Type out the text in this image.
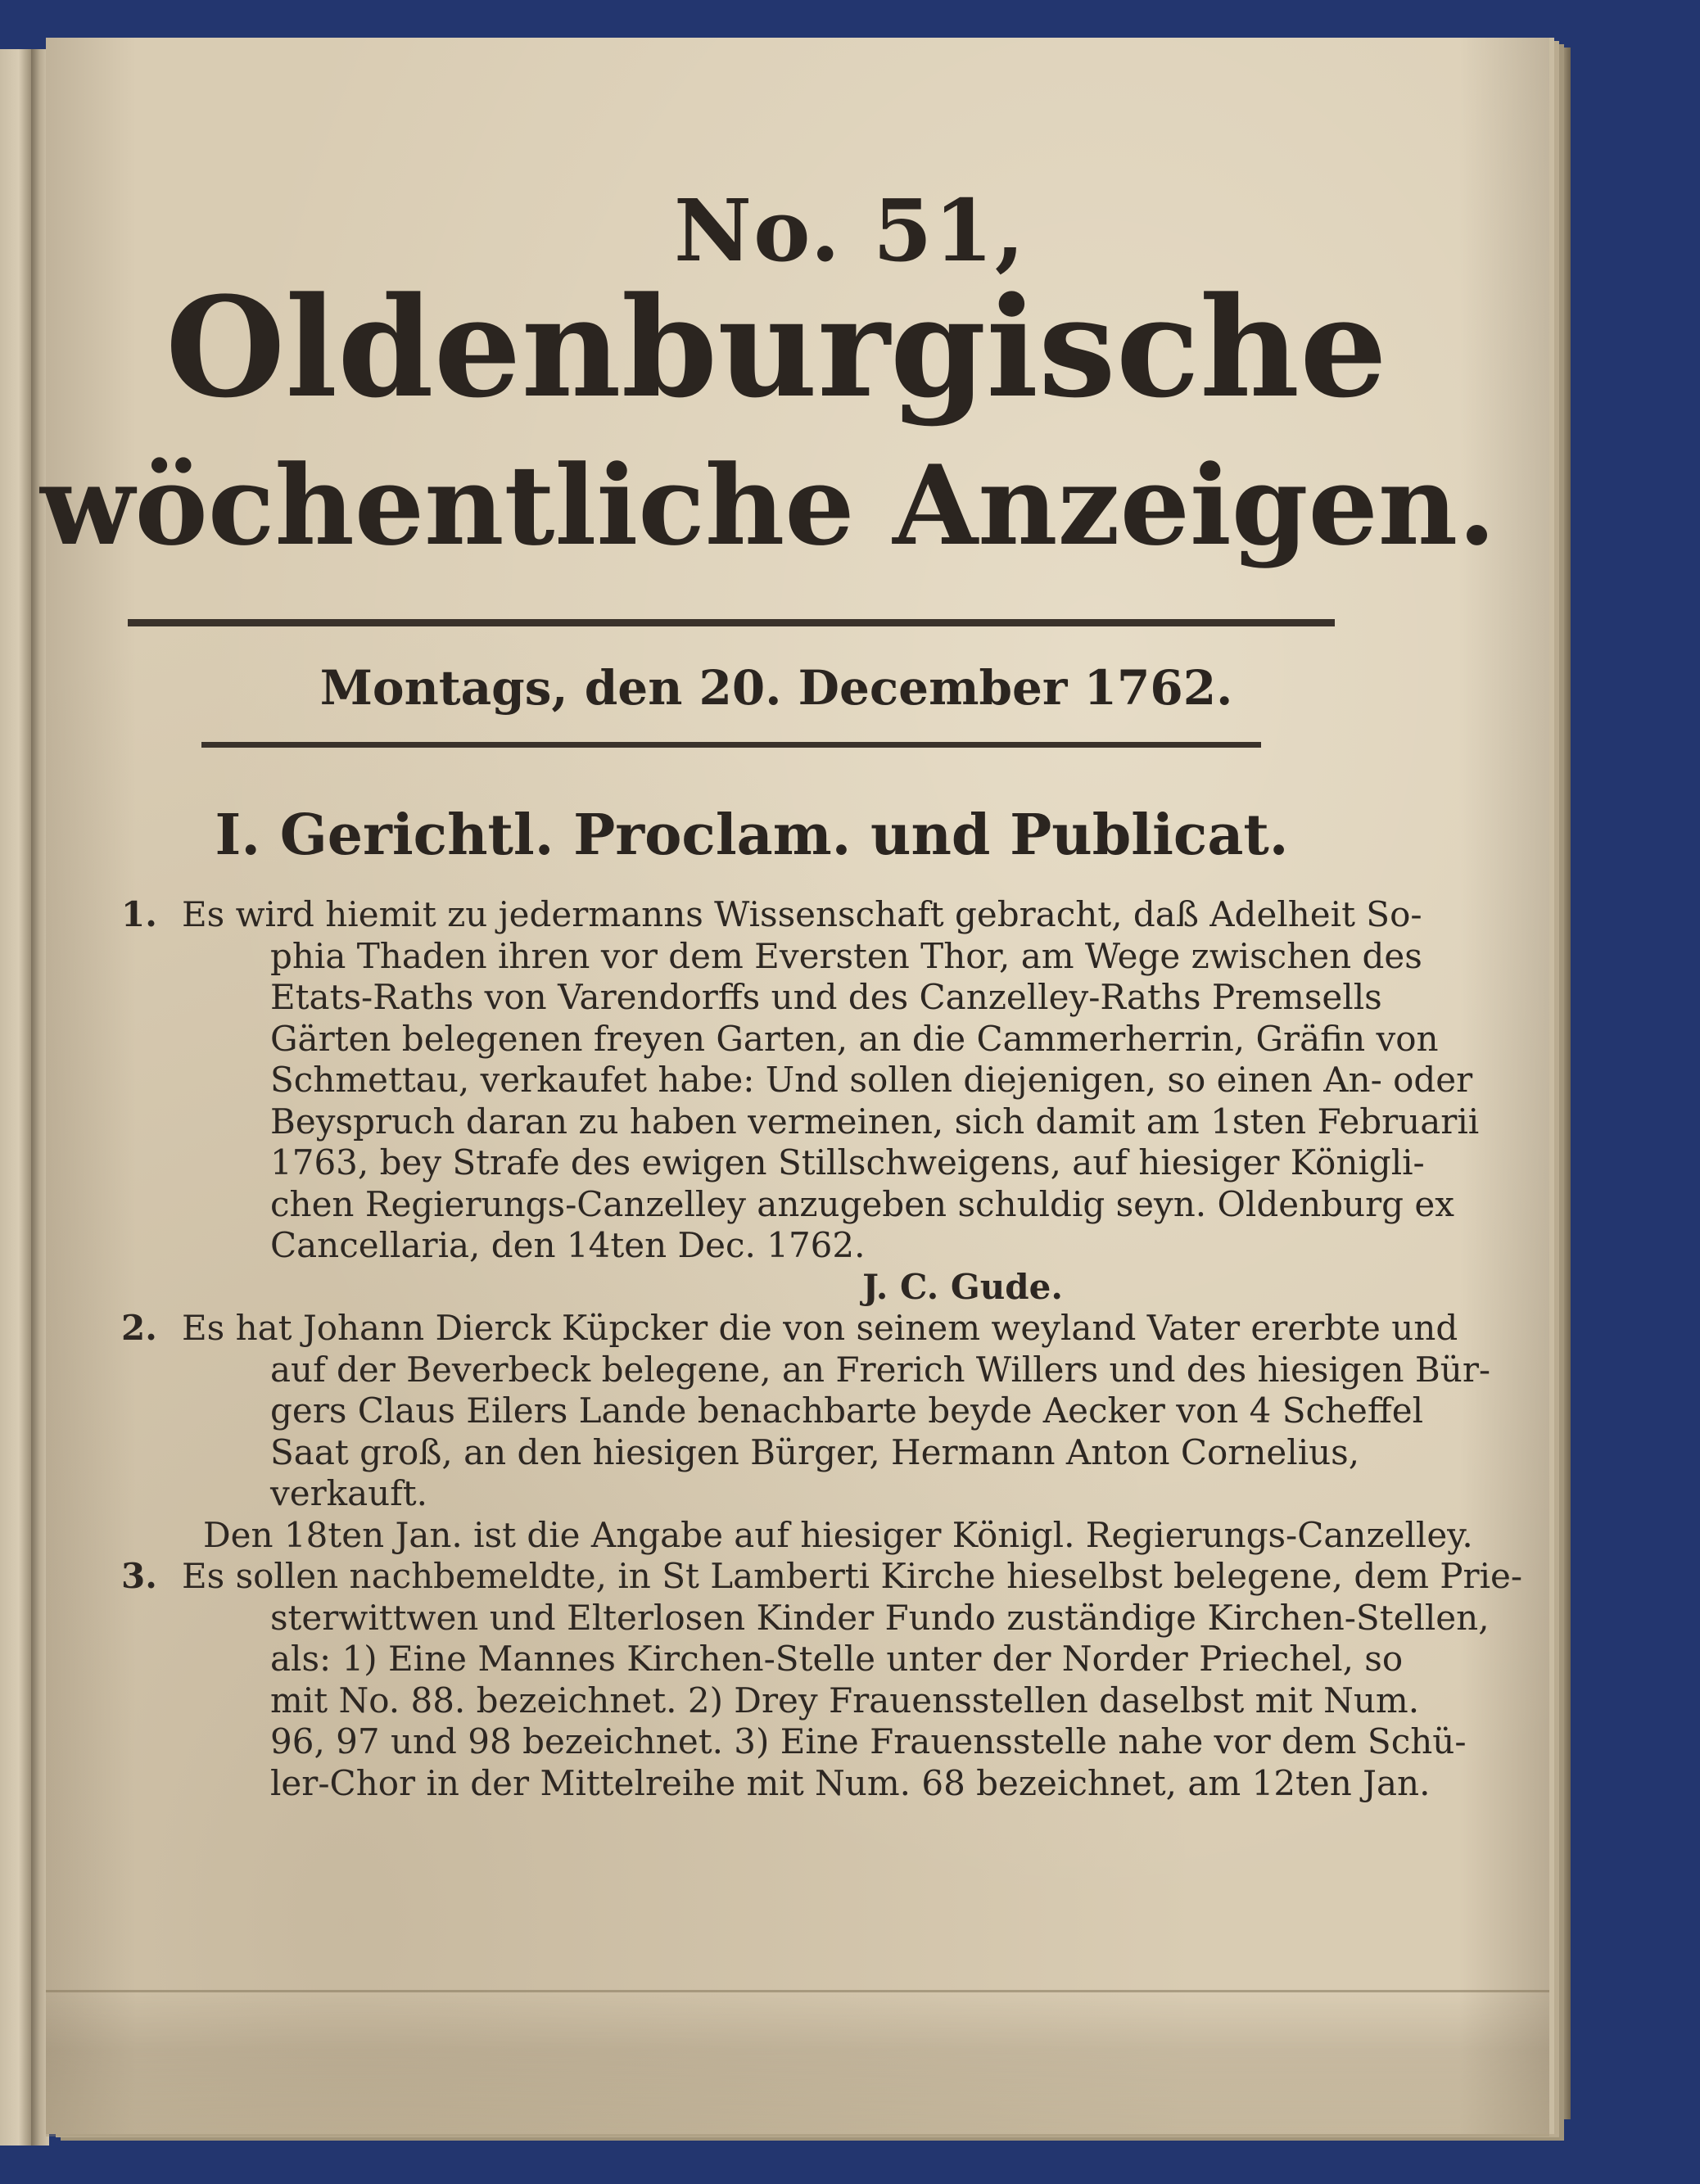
No. 51,
Oldenburgische
wöchentliche Anzeigen.
Montags, den 20. December 1762.
I. Gerichtl. Proclam. und Publicat.
1. Es wird hiemit zu jedermanns Wissenschaft gebracht, daß Adelheit So-
phia Thaden ihren vor dem Eversten Thor, am Wege zwischen des
Etats-Raths von Varendorffs und des Canzelley-Raths Premsells
Gärten belegenen freyen Garten, an die Cammerherrin, Gräfin von
Schmettau, verkaufet habe: Und sollen diejenigen, so einen An- oder
Beyspruch daran zu haben vermeinen, sich damit am 1sten Februarii
1763, bey Strafe des ewigen Stillschweigens, auf hiesiger Königli-
chen Regierungs-Canzelley anzugeben schuldig seyn. Oldenburg ex
Cancellaria, den 14ten Dec. 1762.
J. C. Gude.
2. Es hat Johann Dierck Küpcker die von seinem weyland Vater ererbte und
auf der Beverbeck belegene, an Frerich Willers und des hiesigen Bür-
gers Claus Eilers Lande benachbarte beyde Aecker von 4 Scheffel
Saat groß, an den hiesigen Bürger, Hermann Anton Cornelius,
verkauft.
Den 18ten Jan. ist die Angabe auf hiesiger Königl. Regierungs-Canzelley.
3. Es sollen nachbemeldte, in St Lamberti Kirche hieselbst belegene, dem Prie-
sterwittwen und Elterlosen Kinder Fundo zuständige Kirchen-Stellen,
als: 1) Eine Mannes Kirchen-Stelle unter der Norder Priechel, so
mit No. 88. bezeichnet. 2) Drey Frauensstellen daselbst mit Num.
96, 97 und 98 bezeichnet. 3) Eine Frauensstelle nahe vor dem Schü-
ler-Chor in der Mittelreihe mit Num. 68 bezeichnet, am 12ten Jan.
